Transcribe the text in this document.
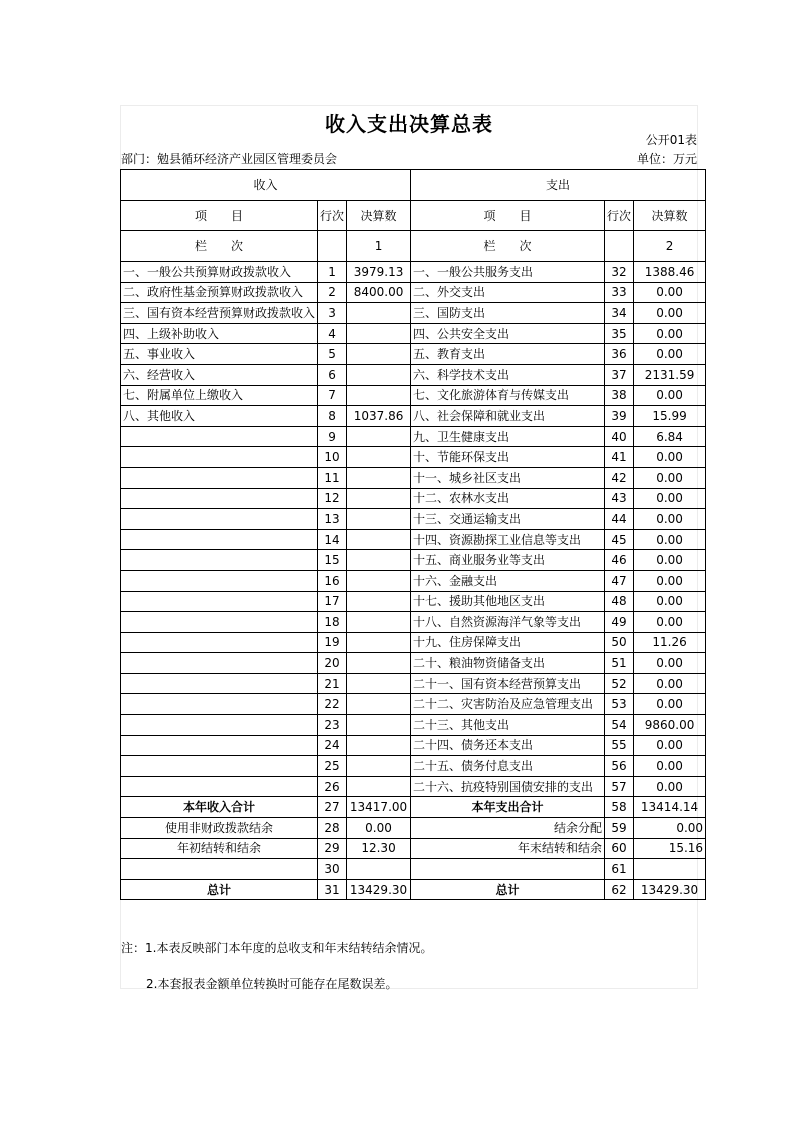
收入支出决算总表
公开01表
部门：勉县循环经济产业园区管理委员会	单位：万元
收入			支出		
项　　目	行次	决算数	项　　目	行次	决算数
栏　　次		1	栏　　次		2
一、一般公共预算财政拨款收入	1	3979.13	一、一般公共服务支出	32	1388.46
二、政府性基金预算财政拨款收入	2	8400.00	二、外交支出	33	0.00
三、国有资本经营预算财政拨款收入	3		三、国防支出	34	0.00
四、上级补助收入	4		四、公共安全支出	35	0.00
五、事业收入	5		五、教育支出	36	0.00
六、经营收入	6		六、科学技术支出	37	2131.59
七、附属单位上缴收入	7		七、文化旅游体育与传媒支出	38	0.00
八、其他收入	8	1037.86	八、社会保障和就业支出	39	15.99
	9		九、卫生健康支出	40	6.84
	10		十、节能环保支出	41	0.00
	11		十一、城乡社区支出	42	0.00
	12		十二、农林水支出	43	0.00
	13		十三、交通运输支出	44	0.00
	14		十四、资源勘探工业信息等支出	45	0.00
	15		十五、商业服务业等支出	46	0.00
	16		十六、金融支出	47	0.00
	17		十七、援助其他地区支出	48	0.00
	18		十八、自然资源海洋气象等支出	49	0.00
	19		十九、住房保障支出	50	11.26
	20		二十、粮油物资储备支出	51	0.00
	21		二十一、国有资本经营预算支出	52	0.00
	22		二十二、灾害防治及应急管理支出	53	0.00
	23		二十三、其他支出	54	9860.00
	24		二十四、债务还本支出	55	0.00
	25		二十五、债务付息支出	56	0.00
	26		二十六、抗疫特别国债安排的支出	57	0.00
本年收入合计	27	13417.00	本年支出合计	58	13414.14
使用非财政拨款结余	28	0.00	结余分配	59	0.00
年初结转和结余	29	12.30	年末结转和结余	60	15.16
	30			61	
总计	31	13429.30	总计	62	13429.30
注：1.本表反映部门本年度的总收支和年末结转结余情况。
2.本套报表金额单位转换时可能存在尾数误差。
